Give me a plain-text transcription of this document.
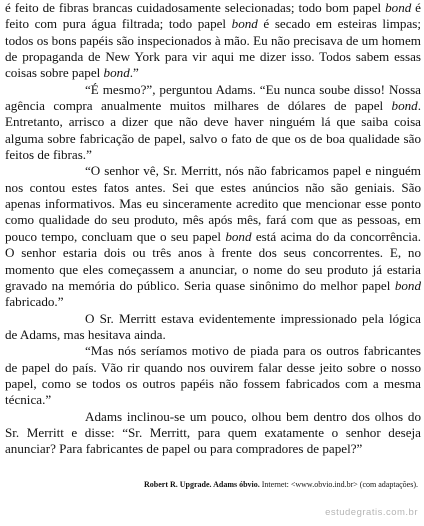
é feito de fibras brancas cuidadosamente selecionadas; todo bom papel bond é feito com pura água filtrada; todo papel bond é secado em esteiras limpas; todos os bons papéis são inspecionados à mão. Eu não precisava de um homem de propaganda de New York para vir aqui me dizer isso. Todos sabem essas coisas sobre papel bond.”

“É mesmo?”, perguntou Adams. “Eu nunca soube disso! Nossa agência compra anualmente muitos milhares de dólares de papel bond. Entretanto, arrisco a dizer que não deve haver ninguém lá que saiba coisa alguma sobre fabricação de papel, salvo o fato de que os de boa qualidade são feitos de fibras.”

“O senhor vê, Sr. Merritt, nós não fabricamos papel e ninguém nos contou estes fatos antes. Sei que estes anúncios não são geniais. São apenas informativos. Mas eu sinceramente acredito que mencionar esse ponto como qualidade do seu produto, mês após mês, fará com que as pessoas, em pouco tempo, concluam que o seu papel bond está acima do da concorrência. O senhor estaria dois ou três anos à frente dos seus concorrentes. E, no momento que eles começassem a anunciar, o nome do seu produto já estaria gravado na memória do público. Seria quase sinônimo do melhor papel bond fabricado.”

O Sr. Merritt estava evidentemente impressionado pela lógica de Adams, mas hesitava ainda.

“Mas nós seríamos motivo de piada para os outros fabricantes de papel do país. Vão rir quando nos ouvirem falar desse jeito sobre o nosso papel, como se todos os outros papéis não fossem fabricados com a mesma técnica.”

Adams inclinou-se um pouco, olhou bem dentro dos olhos do Sr. Merritt e disse: “Sr. Merritt, para quem exatamente o senhor deseja anunciar? Para fabricantes de papel ou para compradores de papel?”

Robert R. Upgrade. Adams óbvio. Internet: <www.obvio.ind.br> (com adaptações).
estudegratis.com.br
